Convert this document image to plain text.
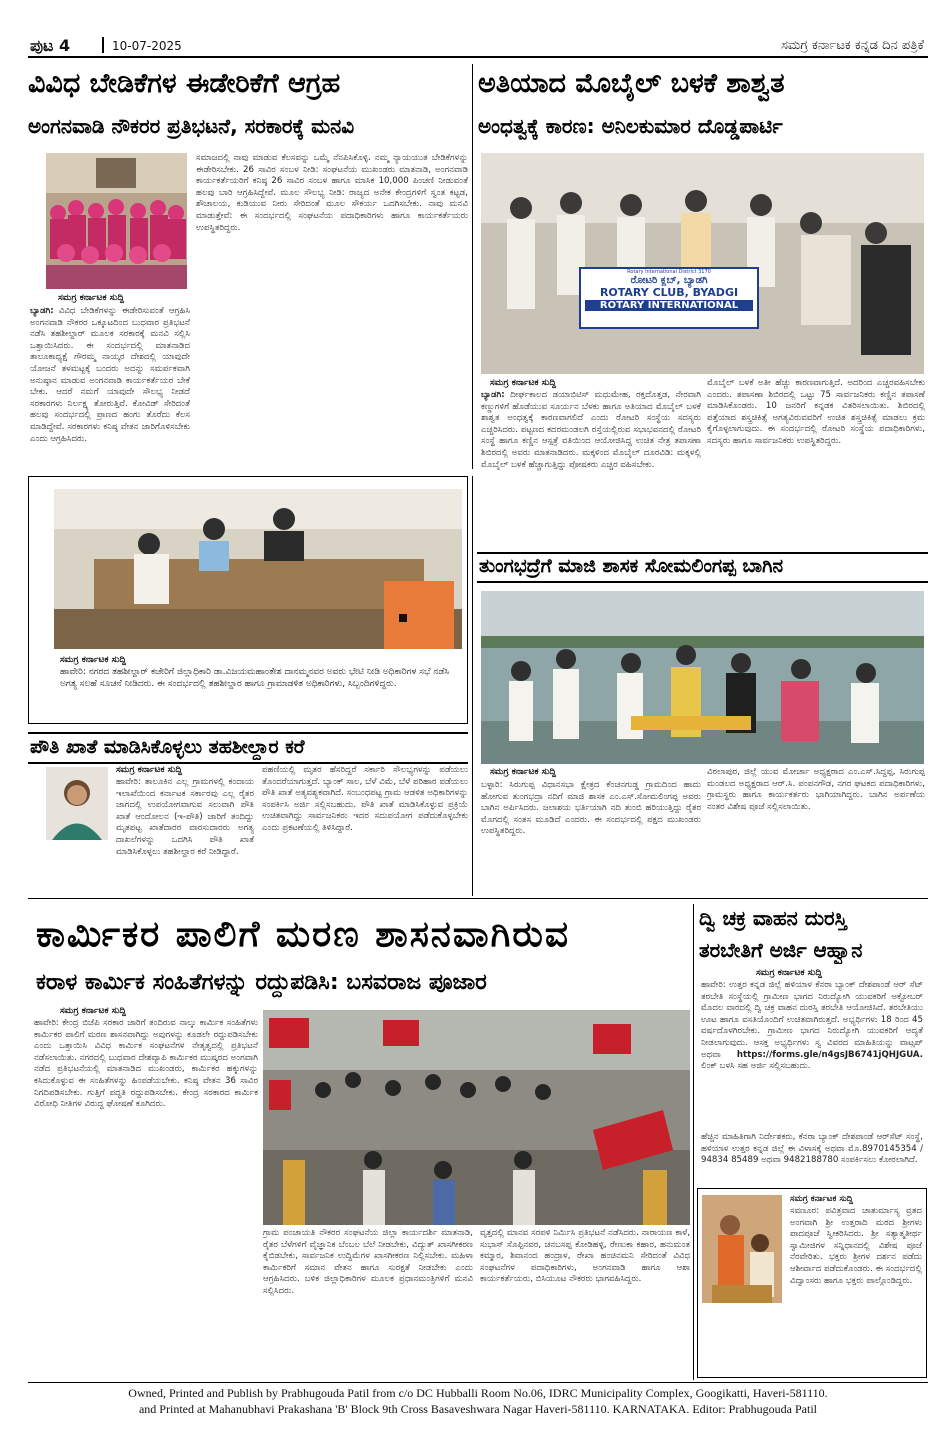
ಪುಟ 4	10-07-2025	ಸಮಗ್ರ ಕರ್ನಾಟಕ ಕನ್ನಡ ದಿನ ಪತ್ರಿಕೆ
ವಿವಿಧ ಬೇಡಿಕೆಗಳ ಈಡೇರಿಕೆಗೆ ಆಗ್ರಹ
ಅಂಗನವಾಡಿ ನೌಕರರ ಪ್ರತಿಭಟನೆ, ಸರಕಾರಕ್ಕೆ ಮನವಿ
ಸಮಗ್ರ ಕರ್ನಾಟಕ ಸುದ್ದಿ
ಬ್ಯಾಡಗಿ: ವಿವಿಧ ಬೇಡಿಕೆಗಳನ್ನು ಈಡೇರಿಸುವಂತೆ ಆಗ್ರಹಿಸಿ ಅಂಗನವಾಡಿ ನೌಕರರ ಒಕ್ಕೂಟದಿಂದ ಬುಧವಾರ ಪ್ರತಿಭಟನೆ ನಡೆಸಿ ತಹಶೀಲ್ದಾರ್ ಮೂಲಕ ಸರಕಾರಕ್ಕೆ ಮನವಿ ಸಲ್ಲಿಸಿ ಒತ್ತಾಯಿಸಿದರು. ಈ ಸಂದರ್ಭದಲ್ಲಿ ಮಾತನಾಡಿದ ತಾಲೂಕಾಧ್ಯಕ್ಷೆ ಗೌರಮ್ಮ ನಾಯ್ಕರ ದೇಶದಲ್ಲಿ ಯಾವುದೇ ಯೋಜನೆ ತಳಮಟ್ಟಕ್ಕೆ ಬಂದರು ಅದನ್ನು ಸಮರ್ಪಕವಾಗಿ ಅನುಷ್ಠಾನ ಮಾಡುವ ಅಂಗನವಾಡಿ ಕಾರ್ಯಕರ್ತೆಯರ ಬೇಕೆ ಬೇಕು. ಆದರೆ ನಮಗೆ ಯಾವುದೇ ಸೌಲಭ್ಯ ನೀಡದೆ ಸರಕಾರಗಳು ನಿರ್ಲಕ್ಷ್ಯ ತೋರುತ್ತಿವೆ. ಕೋವಿಡ್ ಸೇರಿದಂತೆ ಹಲವು ಸಂದರ್ಭದಲ್ಲಿ ಪ್ರಾಣದ ಹಂಗು ತೊರೆದು ಕೆಲಸ ಮಾಡಿದ್ದೇವೆ. ಸರಕಾರಗಳು ಕನಿಷ್ಠ ವೇತನ ಜಾರಿಗೊಳಿಸಬೇಕು ಎಂದು ಆಗ್ರಹಿಸಿದರು.
ಸಮಾಜದಲ್ಲಿ ನಾವು ಮಾಡುವ ಕೆಲಸವನ್ನು ಒಮ್ಮೆ ನೆನಪಿಸಿಕೊಳ್ಳಿ. ನಮ್ಮ ನ್ಯಾಯಯುತ ಬೇಡಿಕೆಗಳನ್ನು ಈಡೇರಿಸಬೇಕು. 26 ಸಾವಿರ ಸಂಬಳ ನೀಡಿ: ಸಂಘಟನೆಯ ಮುಖಂಡರು ಮಾತನಾಡಿ, ಅಂಗನವಾಡಿ ಕಾರ್ಯಕರ್ತೆಯರಿಗೆ ಕನಿಷ್ಠ 26 ಸಾವಿರ ಸಂಬಳ ಹಾಗೂ ಮಾಸಿಕ 10,000 ಪಿಂಚಣಿ ನೀಡುವಂತೆ ಹಲವು ಬಾರಿ ಆಗ್ರಹಿಸಿದ್ದೇವೆ. ಮೂಲ ಸೌಲಭ್ಯ ನೀಡಿ: ರಾಜ್ಯದ ಅನೇಕ ಕೇಂದ್ರಗಳಿಗೆ ಸ್ವಂತ ಕಟ್ಟಡ, ಶೌಚಾಲಯ, ಕುಡಿಯುವ ನೀರು ಸೇರಿದಂತೆ ಮೂಲ ಸೌಕರ್ಯ ಒದಗಿಸಬೇಕು. ನಾವು ಮನವಿ ಮಾಡುತ್ತೇವೆ: ಈ ಸಂದರ್ಭದಲ್ಲಿ ಸಂಘಟನೆಯ ಪದಾಧಿಕಾರಿಗಳು ಹಾಗೂ ಕಾರ್ಯಕರ್ತೆಯರು ಉಪಸ್ಥಿತರಿದ್ದರು.
ಅತಿಯಾದ ಮೊಬೈಲ್ ಬಳಕೆ ಶಾಶ್ವತ
ಅಂಧತ್ವಕ್ಕೆ ಕಾರಣ: ಅನಿಲಕುಮಾರ ದೊಡ್ಡಪಾರ್ಟಿ
Rotary International District 3170
ರೋಟರಿ ಕ್ಲಬ್, ಬ್ಯಾಡಗಿ
ROTARY CLUB, BYADGI
ROTARY INTERNATIONAL
ಸಮಗ್ರ ಕರ್ನಾಟಕ ಸುದ್ದಿ
ಬ್ಯಾಡಗಿ: ದೀರ್ಘಕಾಲದ ಡಯಾಬಿಟಿಸ್ ಮಧುಮೇಹ, ರಕ್ತದೊತ್ತಡ, ನೇರವಾಗಿ ಕಣ್ಣುಗಳಿಗೆ ಹೊಡೆಯುವ ಸೂರ್ಯನ ಬೆಳಕು ಹಾಗೂ ಅತಿಯಾದ ಮೊಬೈಲ್ ಬಳಕೆ ಶಾಶ್ವತ ಅಂಧತ್ವಕ್ಕೆ ಕಾರಣವಾಗಲಿದೆ ಎಂದು ರೋಟರಿ ಸಂಸ್ಥೆಯ ಸದಸ್ಯರು ಎಚ್ಚರಿಸಿದರು. ಪಟ್ಟಣದ ಕದರಮಂಡಲಗಿ ರಸ್ತೆಯಲ್ಲಿರುವ ಸಭಾಭವನದಲ್ಲಿ ರೋಟರಿ ಸಂಸ್ಥೆ ಹಾಗೂ ಕಣ್ಣಿನ ಆಸ್ಪತ್ರೆ ವತಿಯಿಂದ ಆಯೋಜಿಸಿದ್ದ ಉಚಿತ ನೇತ್ರ ತಪಾಸಣಾ ಶಿಬಿರದಲ್ಲಿ ಅವರು ಮಾತನಾಡಿದರು. ಮಕ್ಕಳಿಂದ ಮೊಬೈಲ್ ದೂರವಿಡಿ: ಮಕ್ಕಳಲ್ಲಿ ಮೊಬೈಲ್ ಬಳಕೆ ಹೆಚ್ಚಾಗುತ್ತಿದ್ದು ಪೋಷಕರು ಎಚ್ಚರ ವಹಿಸಬೇಕು.
ಮೊಬೈಲ್ ಬಳಕೆ ಅತೀ ಹೆಚ್ಚು ಕಾರಣವಾಗುತ್ತಿದೆ. ಅದರಿಂದ ಎಚ್ಚರವಹಿಸಬೇಕು ಎಂದರು. ತಪಾಸಣಾ ಶಿಬಿರದಲ್ಲಿ ಒಟ್ಟು 75 ಸಾರ್ವಜನಿಕರು ಕಣ್ಣಿನ ತಪಾಸಣೆ ಮಾಡಿಸಿಕೊಂಡರು. 10 ಜನರಿಗೆ ಕನ್ನಡಕ ವಿತರಿಸಲಾಯಿತು. ಶಿಬಿರದಲ್ಲಿ ಪತ್ತೆಯಾದ ಶಸ್ತ್ರಚಿಕಿತ್ಸೆ ಅಗತ್ಯವಿರುವವರಿಗೆ ಉಚಿತ ಶಸ್ತ್ರಚಿಕಿತ್ಸೆ ಮಾಡಲು ಕ್ರಮ ಕೈಗೊಳ್ಳಲಾಗುವುದು. ಈ ಸಂದರ್ಭದಲ್ಲಿ ರೋಟರಿ ಸಂಸ್ಥೆಯ ಪದಾಧಿಕಾರಿಗಳು, ಸದಸ್ಯರು ಹಾಗೂ ಸಾರ್ವಜನಿಕರು ಉಪಸ್ಥಿತರಿದ್ದರು.
ಸಮಗ್ರ ಕರ್ನಾಟಕ ಸುದ್ದಿ
ಹಾವೇರಿ: ನಗರದ ತಹಶೀಲ್ದಾರ್ ಕಚೇರಿಗೆ ಜಿಲ್ಲಾಧಿಕಾರಿ ಡಾ.ವಿಜಯಮಹಾಂತೇಶ ದಾನಮ್ಮನವರ ಅವರು ಭೇಟಿ ನೀಡಿ ಅಧಿಕಾರಿಗಳ ಸಭೆ ನಡೆಸಿ ಅಗತ್ಯ ಸಲಹೆ ಸೂಚನೆ ನೀಡಿದರು. ಈ ಸಂದರ್ಭದಲ್ಲಿ ತಹಶೀಲ್ದಾರ ಹಾಗೂ ಗ್ರಾಮಾಡಳಿತ ಅಧಿಕಾರಿಗಳು, ಸಿಬ್ಬಂದಿಗಳಿದ್ದರು.
ಪೌತಿ ಖಾತೆ ಮಾಡಿಸಿಕೊಳ್ಳಲು ತಹಶೀಲ್ದಾರ ಕರೆ
ಸಮಗ್ರ ಕರ್ನಾಟಕ ಸುದ್ದಿ
ಹಾವೇರಿ: ತಾಲೂಕಿನ ಎಲ್ಲ ಗ್ರಾಮಗಳಲ್ಲಿ ಕಂದಾಯ ಇಲಾಖೆಯಿಂದ ಕರ್ನಾಟಕ ಸರ್ಕಾರವು ಎಲ್ಲ ರೈತರ ಜಾಗದಲ್ಲಿ ಉಪಯೋಗವಾಗುವ ಸಲುವಾಗಿ ಪೌತಿ ಖಾತೆ ಆಂದೋಲನ (ಇ-ಪೌತಿ) ಜಾರಿಗೆ ತಂದಿದ್ದು ಮೃತಪಟ್ಟ ಖಾತೆದಾರರ ವಾರಸುದಾರರು ಅಗತ್ಯ ದಾಖಲೆಗಳನ್ನು ಒದಗಿಸಿ ಪೌತಿ ಖಾತೆ ಮಾಡಿಸಿಕೊಳ್ಳಲು ತಹಶೀಲ್ದಾರ ಕರೆ ನೀಡಿದ್ದಾರೆ.
ಪಹಣಿಯಲ್ಲಿ ಮೃತರ ಹೆಸರಿದ್ದರೆ ಸರ್ಕಾರಿ ಸೌಲಭ್ಯಗಳನ್ನು ಪಡೆಯಲು ತೊಂದರೆಯಾಗುತ್ತದೆ. ಬ್ಯಾಂಕ್ ಸಾಲ, ಬೆಳೆ ವಿಮೆ, ಬೆಳೆ ಪರಿಹಾರ ಪಡೆಯಲು ಪೌತಿ ಖಾತೆ ಅತ್ಯವಶ್ಯಕವಾಗಿದೆ. ಸಂಬಂಧಪಟ್ಟ ಗ್ರಾಮ ಆಡಳಿತ ಅಧಿಕಾರಿಗಳನ್ನು ಸಂಪರ್ಕಿಸಿ ಅರ್ಜಿ ಸಲ್ಲಿಸಬಹುದು. ಪೌತಿ ಖಾತೆ ಮಾಡಿಸಿಕೊಳ್ಳುವ ಪ್ರಕ್ರಿಯೆ ಉಚಿತವಾಗಿದ್ದು ಸಾರ್ವಜನಿಕರು ಇದರ ಸದುಪಯೋಗ ಪಡೆದುಕೊಳ್ಳಬೇಕು ಎಂದು ಪ್ರಕಟಣೆಯಲ್ಲಿ ತಿಳಿಸಿದ್ದಾರೆ.
ತುಂಗಭದ್ರೆಗೆ ಮಾಜಿ ಶಾಸಕ ಸೋಮಲಿಂಗಪ್ಪ ಬಾಗಿನ
ಸಮಗ್ರ ಕರ್ನಾಟಕ ಸುದ್ದಿ
ಬಳ್ಳಾರಿ: ಸಿರುಗುಪ್ಪ ವಿಧಾನಸಭಾ ಕ್ಷೇತ್ರದ ಕೆಂಚನಗುಡ್ಡ ಗ್ರಾಮದಿಂದ ಹಾದು ಹೋಗುವ ತುಂಗಭದ್ರಾ ನದಿಗೆ ಮಾಜಿ ಶಾಸಕ ಎಂ.ಎಸ್.ಸೋಮಲಿಂಗಪ್ಪ ಅವರು ಬಾಗಿನ ಅರ್ಪಿಸಿದರು. ಜಲಾಶಯ ಭರ್ತಿಯಾಗಿ ನದಿ ತುಂಬಿ ಹರಿಯುತ್ತಿದ್ದು ರೈತರ ಮೊಗದಲ್ಲಿ ಸಂತಸ ಮೂಡಿದೆ ಎಂದರು. ಈ ಸಂದರ್ಭದಲ್ಲಿ ಪಕ್ಷದ ಮುಖಂಡರು ಉಪಸ್ಥಿತರಿದ್ದರು.
ವಿಠಲಾಪುರ, ಜಿಲ್ಲೆ ಯುವ ಮೋರ್ಚಾ ಅಧ್ಯಕ್ಷರಾದ ಎಂ.ಎಸ್.ಸಿದ್ದಪ್ಪ, ಸಿರುಗುಪ್ಪ ಮಂಡಲದ ಅಧ್ಯಕ್ಷರಾದ ಆರ್.ಸಿ. ಪಂಪನಗೌಡ, ನಗರ ಘಟಕದ ಪದಾಧಿಕಾರಿಗಳು, ಗ್ರಾಮಸ್ಥರು ಹಾಗೂ ಕಾರ್ಯಕರ್ತರು ಭಾಗಿಯಾಗಿದ್ದರು. ಬಾಗಿನ ಅರ್ಪಣೆಯ ನಂತರ ವಿಶೇಷ ಪೂಜೆ ಸಲ್ಲಿಸಲಾಯಿತು.
ಕಾರ್ಮಿಕರ ಪಾಲಿಗೆ ಮರಣ ಶಾಸನವಾಗಿರುವ
ಕರಾಳ ಕಾರ್ಮಿಕ ಸಂಹಿತೆಗಳನ್ನು ರದ್ದುಪಡಿಸಿ: ಬಸವರಾಜ ಪೂಜಾರ
ಸಮಗ್ರ ಕರ್ನಾಟಕ ಸುದ್ದಿ
ಹಾವೇರಿ: ಕೇಂದ್ರ ಬಿಜೆಪಿ ಸರಕಾರ ಜಾರಿಗೆ ತಂದಿರುವ ನಾಲ್ಕು ಕಾರ್ಮಿಕ ಸಂಹಿತೆಗಳು ಕಾರ್ಮಿಕರ ಪಾಲಿಗೆ ಮರಣ ಶಾಸನವಾಗಿದ್ದು ಅವುಗಳನ್ನು ಕೂಡಲೇ ರದ್ದುಪಡಿಸಬೇಕು ಎಂದು ಒತ್ತಾಯಿಸಿ ವಿವಿಧ ಕಾರ್ಮಿಕ ಸಂಘಟನೆಗಳ ನೇತೃತ್ವದಲ್ಲಿ ಪ್ರತಿಭಟನೆ ನಡೆಸಲಾಯಿತು. ನಗರದಲ್ಲಿ ಬುಧವಾರ ದೇಶವ್ಯಾಪಿ ಕಾರ್ಮಿಕರ ಮುಷ್ಕರದ ಅಂಗವಾಗಿ ನಡೆದ ಪ್ರತಿಭಟನೆಯಲ್ಲಿ ಮಾತನಾಡಿದ ಮುಖಂಡರು, ಕಾರ್ಮಿಕರ ಹಕ್ಕುಗಳನ್ನು ಕಸಿದುಕೊಳ್ಳುವ ಈ ಸಂಹಿತೆಗಳನ್ನು ಹಿಂಪಡೆಯಬೇಕು. ಕನಿಷ್ಠ ವೇತನ 36 ಸಾವಿರ ನಿಗದಿಪಡಿಸಬೇಕು. ಗುತ್ತಿಗೆ ಪದ್ಧತಿ ರದ್ದುಪಡಿಸಬೇಕು. ಕೇಂದ್ರ ಸರಕಾರದ ಕಾರ್ಮಿಕ ವಿರೋಧಿ ನೀತಿಗಳ ವಿರುದ್ಧ ಘೋಷಣೆ ಕೂಗಿದರು.
ಗ್ರಾಮ ಪಂಚಾಯತಿ ನೌಕರರ ಸಂಘಟನೆಯ ಜಿಲ್ಲಾ ಕಾರ್ಯದರ್ಶಿ ಮಾತನಾಡಿ, ರೈತರ ಬೆಳೆಗಳಿಗೆ ವೈಜ್ಞಾನಿಕ ಬೆಂಬಲ ಬೆಲೆ ನೀಡಬೇಕು, ವಿದ್ಯುತ್ ಖಾಸಗೀಕರಣ ಕೈಬಿಡಬೇಕು, ಸಾರ್ವಜನಿಕ ಉದ್ದಿಮೆಗಳ ಖಾಸಗೀಕರಣ ನಿಲ್ಲಿಸಬೇಕು. ಮಹಿಳಾ ಕಾರ್ಮಿಕರಿಗೆ ಸಮಾನ ವೇತನ ಹಾಗೂ ಸುರಕ್ಷತೆ ನೀಡಬೇಕು ಎಂದು ಆಗ್ರಹಿಸಿದರು. ಬಳಿಕ ಜಿಲ್ಲಾಧಿಕಾರಿಗಳ ಮೂಲಕ ಪ್ರಧಾನಮಂತ್ರಿಗಳಿಗೆ ಮನವಿ ಸಲ್ಲಿಸಿದರು.
ವೃತ್ತದಲ್ಲಿ ಮಾನವ ಸರಪಳಿ ನಿರ್ಮಿಸಿ ಪ್ರತಿಭಟನೆ ನಡೆಸಿದರು. ನಾರಾಯಣ ಕಾಳೆ, ಸುಭಾಸ್ ಸೊಪ್ಪಿನವರ, ಚನಬಸಪ್ಪ ಕೋಡಿಹಳ್ಳಿ, ರೇಣುಕಾ ಕಹಾರ, ಹನುಮಂತ ಕಮ್ಮಾರ, ಶಿವಾನಂದ ಹಂದ್ರಾಳ, ರೇಖಾ ಹಂಚಿನಮನಿ ಸೇರಿದಂತೆ ವಿವಿಧ ಸಂಘಟನೆಗಳ ಪದಾಧಿಕಾರಿಗಳು, ಅಂಗನವಾಡಿ ಹಾಗೂ ಆಶಾ ಕಾರ್ಯಕರ್ತೆಯರು, ಬಿಸಿಯೂಟ ನೌಕರರು ಭಾಗವಹಿಸಿದ್ದರು.
ದ್ವಿ ಚಕ್ರ ವಾಹನ ದುರಸ್ತಿ
ತರಬೇತಿಗೆ ಅರ್ಜಿ ಆಹ್ವಾನ
ಸಮಗ್ರ ಕರ್ನಾಟಕ ಸುದ್ದಿ
ಹಾವೇರಿ: ಉತ್ತರ ಕನ್ನಡ ಜಿಲ್ಲೆ ಹಳಿಯಾಳ ಕೆನರಾ ಬ್ಯಾಂಕ್ ದೇಶಪಾಂಡೆ ಆರ್ ಸೆಟ್ ತರಬೇತಿ ಸಂಸ್ಥೆಯಲ್ಲಿ ಗ್ರಾಮೀಣ ಭಾಗದ ನಿರುದ್ಯೋಗಿ ಯುವಕರಿಗೆ ಅಕ್ಟೋಬರ್ ಮೊದಲ ವಾರದಲ್ಲಿ ದ್ವಿ ಚಕ್ರ ವಾಹನ ದುರಸ್ತಿ ತರಬೇತಿ ಆಯೋಜಿಸಿದೆ. ತರಬೇತಿಯು ಊಟ ಹಾಗೂ ವಸತಿಯೊಂದಿಗೆ ಉಚಿತವಾಗಿರುತ್ತದೆ. ಅಭ್ಯರ್ಥಿಗಳು 18 ರಿಂದ 45 ವರ್ಷದೊಳಗಿರಬೇಕು. ಗ್ರಾಮೀಣ ಭಾಗದ ನಿರುದ್ಯೋಗಿ ಯುವಕರಿಗೆ ಆದ್ಯತೆ ನೀಡಲಾಗುವುದು. ಆಸಕ್ತ ಅಭ್ಯರ್ಥಿಗಳು ಸ್ವ ವಿವರದ ಮಾಹಿತಿಯನ್ನು ವಾಟ್ಸಪ್ ಅಥವಾ https://forms.gle/n4gsJB6741jQHJGUA. ಲಿಂಕ್ ಬಳಸಿ ಸಹ ಅರ್ಜಿ ಸಲ್ಲಿಸಬಹುದು.
ಹೆಚ್ಚಿನ ಮಾಹಿತಿಗಾಗಿ ನಿರ್ದೇಶಕರು, ಕೆನರಾ ಬ್ಯಾಂಕ್ ದೇಶಪಾಂಡೆ ಆರ್‌ಸೆಟ್ ಸಂಸ್ಥೆ, ಹಳಿಯಾಳ ಉತ್ತರ ಕನ್ನಡ ಜಿಲ್ಲೆ ಈ ವಿಳಾಸಕ್ಕೆ ಅಥವಾ ಮೊ.8970145354 / 94834 85489 ಅಥವಾ 9482188780 ಸಂಪರ್ಕಿಸಲು ಕೋರಲಾಗಿದೆ.
ಸಮಗ್ರ ಕರ್ನಾಟಕ ಸುದ್ದಿ
ಸವಣೂರ: ಪವಿತ್ರವಾದ ಚಾತುರ್ಮಾಸ್ಯ ವ್ರತದ ಅಂಗವಾಗಿ ಶ್ರೀ ಉತ್ತರಾದಿ ಮಠದ ಶ್ರೀಗಳು ಪಾದಪೂಜೆ ಸ್ವೀಕರಿಸಿದರು. ಶ್ರೀ ಸತ್ಯಾತ್ಮತೀರ್ಥ ಸ್ವಾಮೀಜಿಗಳ ಸನ್ನಿಧಾನದಲ್ಲಿ ವಿಶೇಷ ಪೂಜೆ ನೆರವೇರಿತು. ಭಕ್ತರು ಶ್ರೀಗಳ ದರ್ಶನ ಪಡೆದು ಆಶೀರ್ವಾದ ಪಡೆದುಕೊಂಡರು. ಈ ಸಂದರ್ಭದಲ್ಲಿ ವಿದ್ವಾಂಸರು ಹಾಗೂ ಭಕ್ತರು ಪಾಲ್ಗೊಂಡಿದ್ದರು.
Owned, Printed and Publish by Prabhugouda Patil from c/o DC Hubballi Room No.06, IDRC Municipality Complex, Googikatti, Haveri-581110.
and Printed at Mahanubhavi Prakashana 'B' Block 9th Cross Basaveshwara Nagar Haveri-581110. KARNATAKA. Editor: Prabhugouda Patil
